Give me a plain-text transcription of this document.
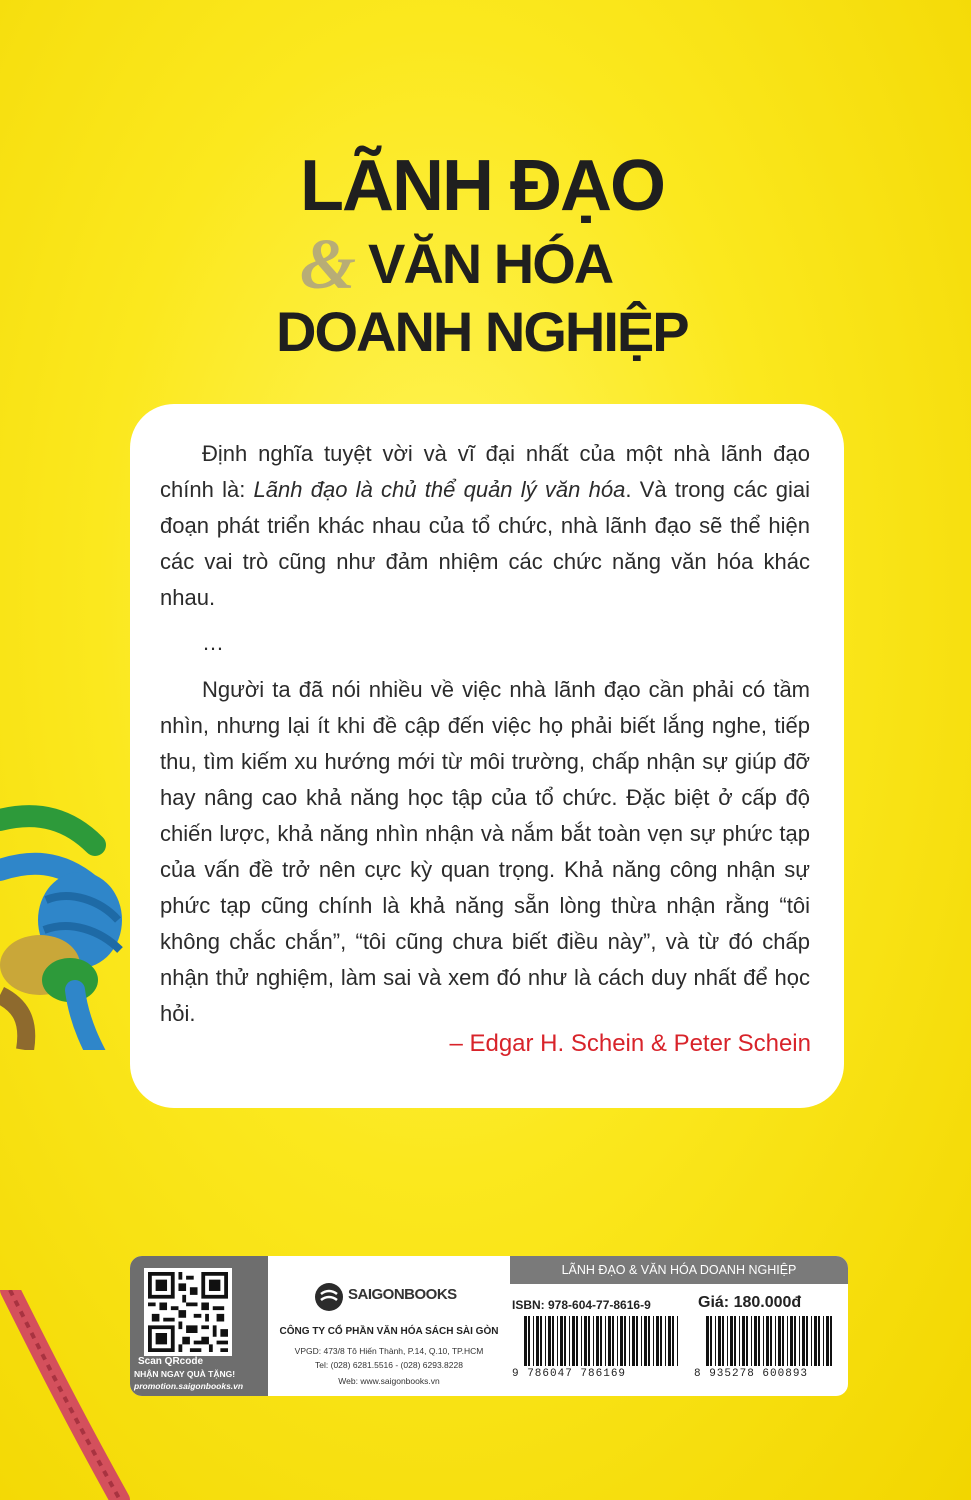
LÃNH ĐẠO
& VĂN HÓA
DOANH NGHIỆP

Định nghĩa tuyệt vời và vĩ đại nhất của một nhà lãnh đạo chính là: Lãnh đạo là chủ thể quản lý văn hóa. Và trong các giai đoạn phát triển khác nhau của tổ chức, nhà lãnh đạo sẽ thể hiện các vai trò cũng như đảm nhiệm các chức năng văn hóa khác nhau.

…

Người ta đã nói nhiều về việc nhà lãnh đạo cần phải có tầm nhìn, nhưng lại ít khi đề cập đến việc họ phải biết lắng nghe, tiếp thu, tìm kiếm xu hướng mới từ môi trường, chấp nhận sự giúp đỡ hay nâng cao khả năng học tập của tổ chức. Đặc biệt ở cấp độ chiến lược, khả năng nhìn nhận và nắm bắt toàn vẹn sự phức tạp của vấn đề trở nên cực kỳ quan trọng. Khả năng công nhận sự phức tạp cũng chính là khả năng sẵn lòng thừa nhận rằng “tôi không chắc chắn”, “tôi cũng chưa biết điều này”, và từ đó chấp nhận thử nghiệm, làm sai và xem đó như là cách duy nhất để học hỏi.

– Edgar H. Schein & Peter Schein
Scan QRcode
NHẬN NGAY QUÀ TẶNG!
promotion.saigonbooks.vn
SAIGONBOOKS
CÔNG TY CỔ PHẦN VĂN HÓA SÁCH SÀI GÒN
VPGD: 473/8 Tô Hiến Thành, P.14, Q.10, TP.HCM
Tel: (028) 6281.5516 - (028) 6293.8228
Web: www.saigonbooks.vn
LÃNH ĐẠO & VĂN HÓA DOANH NGHIỆP
ISBN: 978-604-77-8616-9	Giá: 180.000đ
9 786047 786169	8 935278 600893
